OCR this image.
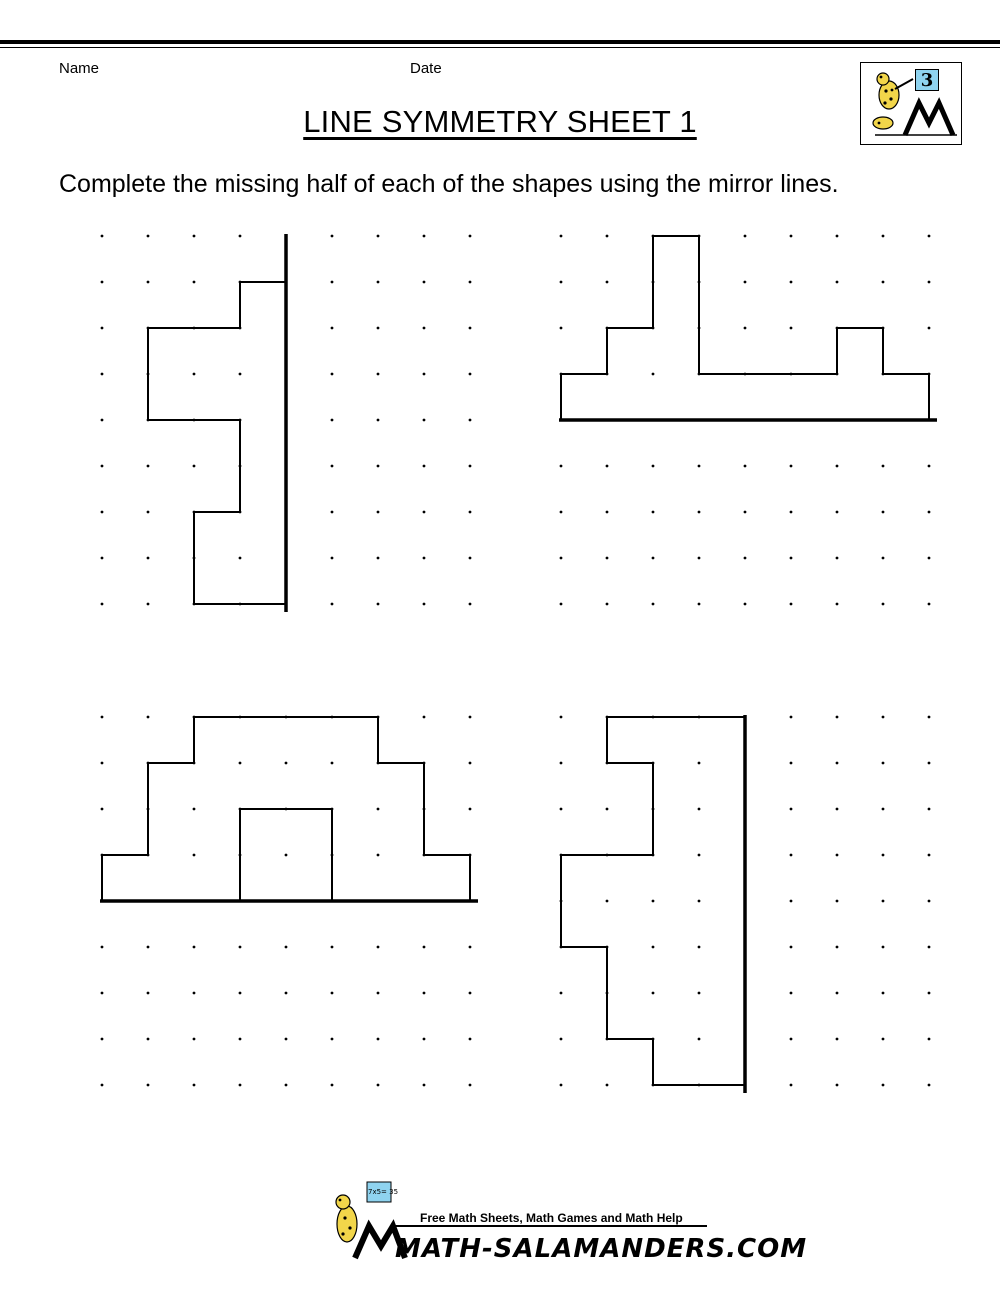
Name	Date
LINE SYMMETRY SHEET 1
Complete the missing half of each of the shapes using the mirror lines.
3
7x5= 35
Free Math Sheets, Math Games and Math Help
MATH-SALAMANDERS.COM
